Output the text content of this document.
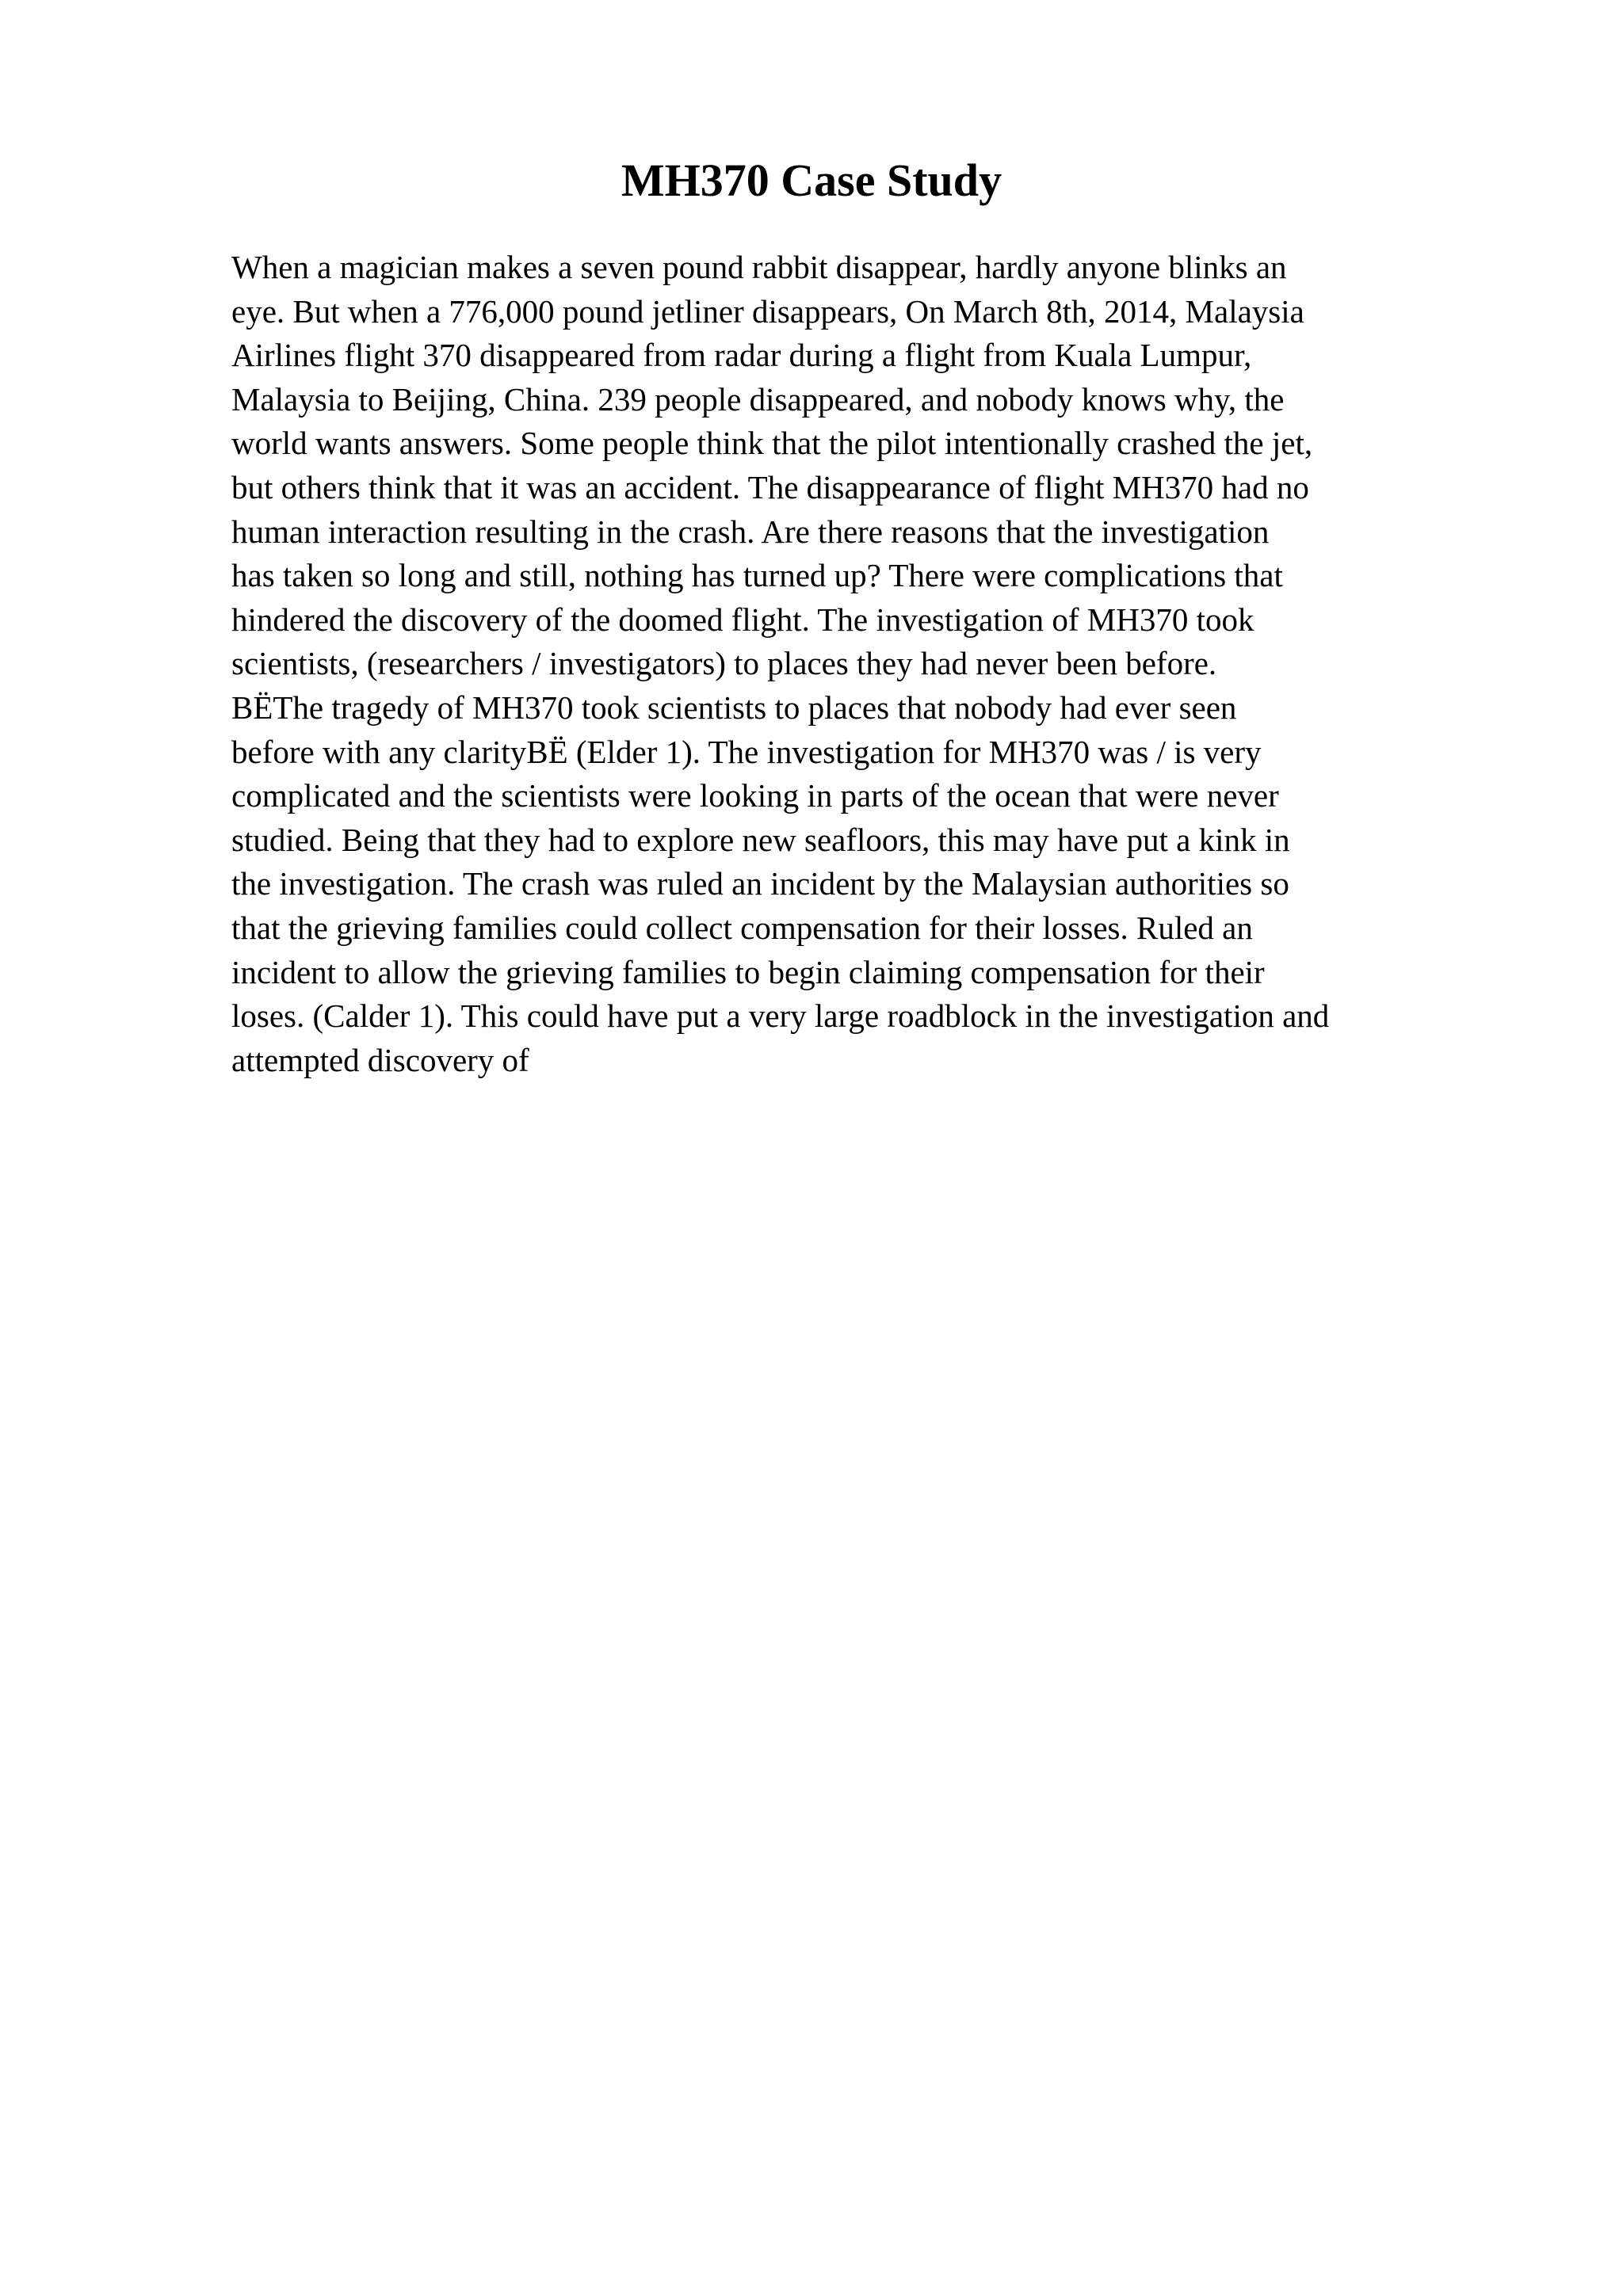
MH370 Case Study
When a magician makes a seven pound rabbit disappear, hardly anyone blinks an
eye. But when a 776,000 pound jetliner disappears, On March 8th, 2014, Malaysia
Airlines flight 370 disappeared from radar during a flight from Kuala Lumpur,
Malaysia to Beijing, China. 239 people disappeared, and nobody knows why, the
world wants answers. Some people think that the pilot intentionally crashed the jet,
but others think that it was an accident. The disappearance of flight MH370 had no
human interaction resulting in the crash. Are there reasons that the investigation
has taken so long and still, nothing has turned up? There were complications that
hindered the discovery of the doomed flight. The investigation of MH370 took
scientists, (researchers / investigators) to places they had never been before.
BËThe tragedy of MH370 took scientists to places that nobody had ever seen
before with any clarityBË (Elder 1). The investigation for MH370 was / is very
complicated and the scientists were looking in parts of the ocean that were never
studied. Being that they had to explore new seafloors, this may have put a kink in
the investigation. The crash was ruled an incident by the Malaysian authorities so
that the grieving families could collect compensation for their losses. Ruled an
incident to allow the grieving families to begin claiming compensation for their
loses. (Calder 1). This could have put a very large roadblock in the investigation and
attempted discovery of
